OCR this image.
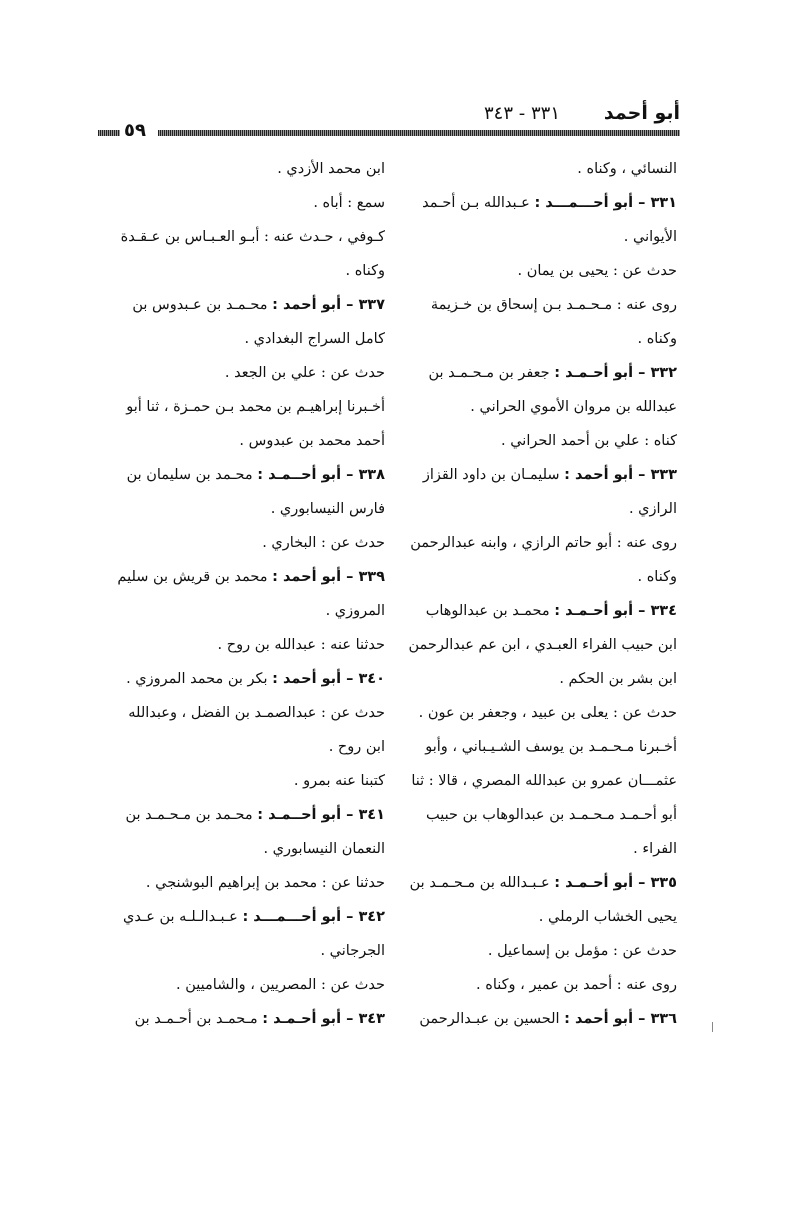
أبو أحمد
٣٣١ - ٣٤٣
٥٩
النسائي ، وكناه .
٣٣١ – أبو أحـــمـــد : عـبدالله بـن أحـمد
الأيواني .
حدث عن : يحيى بن يمان .
روى عنه : مـحـمـد بـن إسحاق بن خـزيمة
وكناه .
٣٣٢ – أبو أحـمـد : جعفر بن مـحـمـد بن
عبدالله بن مروان الأموي الحراني .
كناه : علي بن أحمد الحراني .
٣٣٣ – أبو أحمد : سليمـان بن داود القزاز
الرازي .
روى عنه : أبو حاتم الرازي ، وابنه عبدالرحمن
وكناه .
٣٣٤ – أبو أحـمـد : محمـد بن عبدالوهاب
ابن حبيب الفراء العبـدي ، ابن عم عبدالرحمن
ابن بشر بن الحكم .
حدث عن : يعلى بن عبيد ، وجعفر بن عون .
أخـبرنا مـحـمـد بن يوسف الشـيـباني ، وأبو
عثمـــان عمرو بن عبدالله المصري ، قالا : ثنا
أبو أحـمـد مـحـمـد بن عبدالوهاب بن حبيب
الفراء .
٣٣٥ – أبو أحـمـد : عـبـدالله بن مـحـمـد بن
يحيى الخشاب الرملي .
حدث عن : مؤمل بن إسماعيل .
روى عنه : أحمد بن عمير ، وكناه .
٣٣٦ – أبو أحمد : الحسين بن عبـدالرحمن
ابن محمد الأزدي .
سمع : أباه .
كـوفي ، حـدث عنه : أبـو العـبـاس بن عـقـدة
وكناه .
٣٣٧ – أبو أحمد : محـمـد بن عـبدوس بن
كامل السراج البغدادي .
حدث عن : علي بن الجعد .
أخـبرنا إبراهيـم بن محمد بـن حمـزة ، ثنا أبو
أحمد محمد بن عبدوس .
٣٣٨ – أبو أحــمـد : محـمد بن سليمان بن
فارس النيسابوري .
حدث عن : البخاري .
٣٣٩ – أبو أحمد : محمد بن قريش بن سليم
المروزي .
حدثنا عنه : عبدالله بن روح .
٣٤٠ – أبو أحمد : بكر بن محمد المروزي .
حدث عن : عبدالصمـد بن الفضل ، وعبدالله
ابن روح .
كتبنا عنه بمرو .
٣٤١ – أبو أحــمـد : محـمد بن مـحـمـد بن
النعمان النيسابوري .
حدثنا عن : محمد بن إبراهيم البوشنجي .
٣٤٢ – أبو أحـــمـــد : عـبـدالـلـه بن عـدي
الجرجاني .
حدث عن : المصريين ، والشاميين .
٣٤٣ – أبو أحـمـد : مـحمـد بن أحـمـد بن
